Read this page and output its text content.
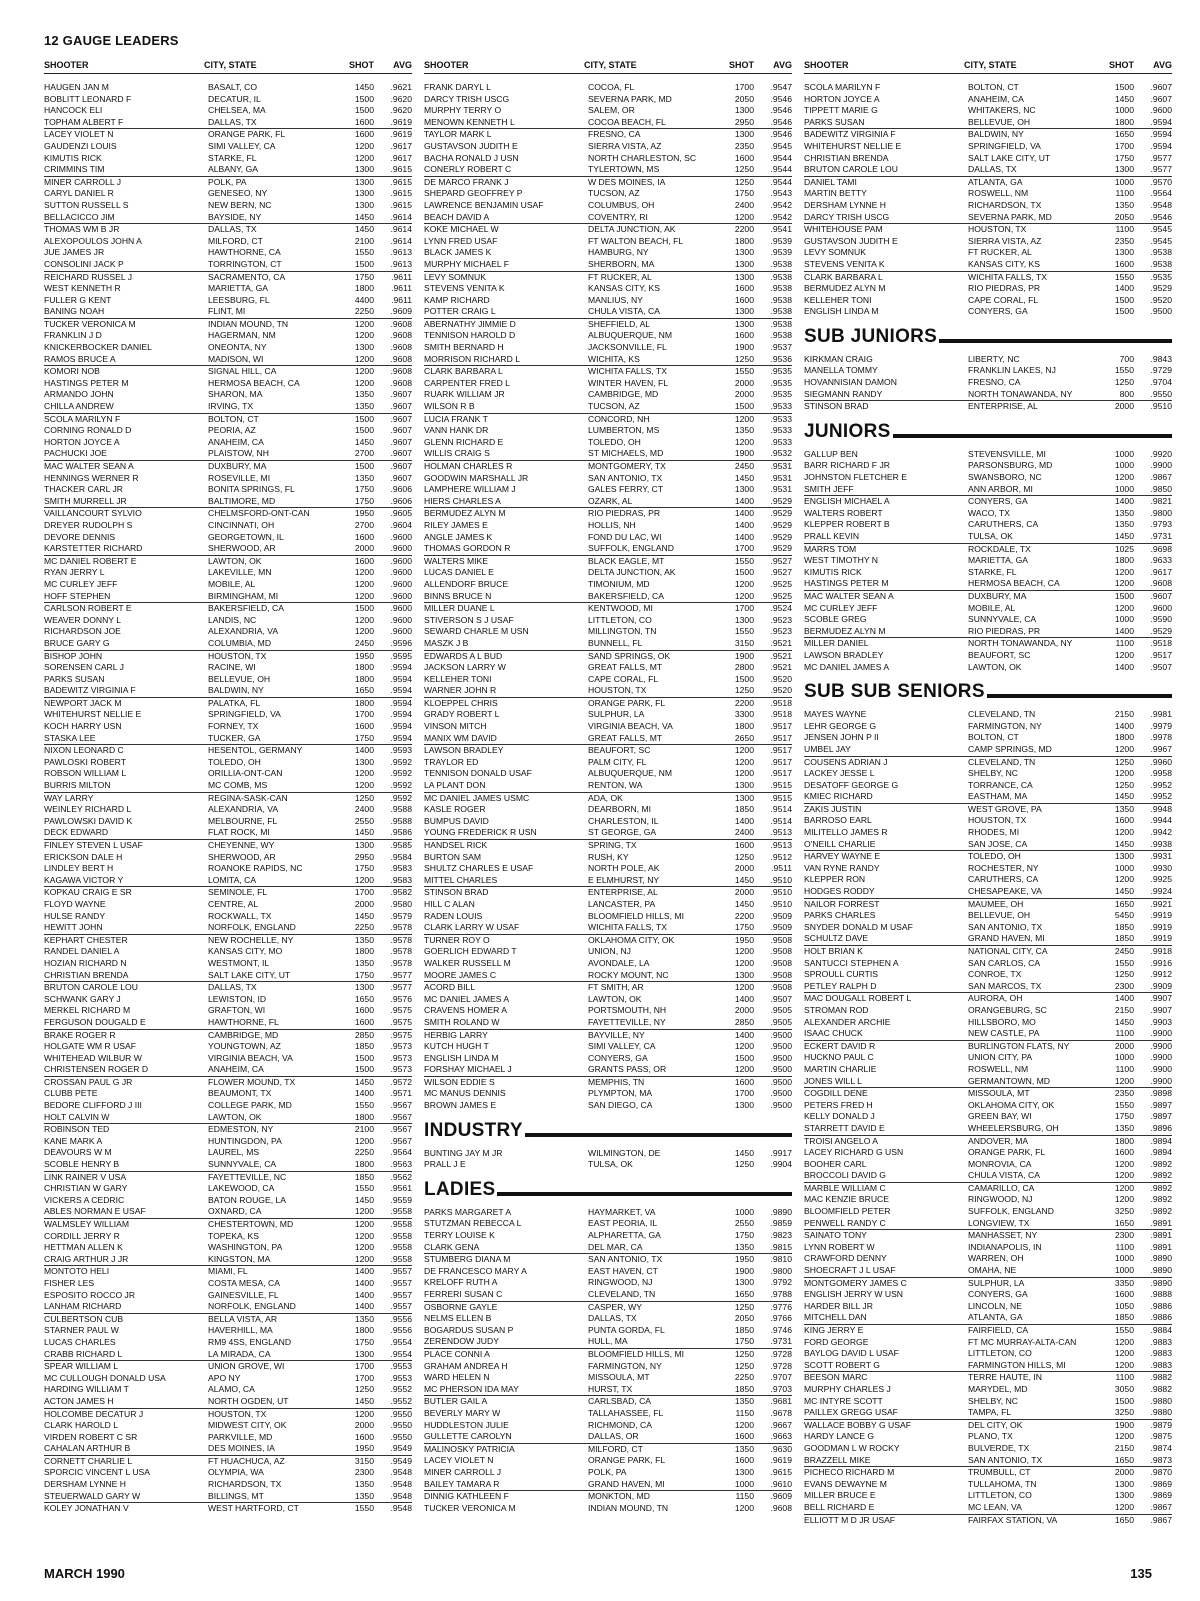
12 GAUGE LEADERS
SHOOTER	CITY, STATE	SHOT	AVG
HAUGEN JAN M	BASALT, CO	1450	.9621
BOBLITT LEONARD F	DECATUR, IL	1500	.9620
HANCOCK ELI	CHELSEA, MA	1500	.9620
TOPHAM ALBERT F	DALLAS, TX	1600	.9619
LACEY VIOLET N	ORANGE PARK, FL	1600	.9619
GAUDENZI LOUIS	SIMI VALLEY, CA	1200	.9617
KIMUTIS RICK	STARKE, FL	1200	.9617
CRIMMINS TIM	ALBANY, GA	1300	.9615
MINER CARROLL J	POLK, PA	1300	.9615
CARYL DANIEL R	GENESEO, NY	1300	.9615
SUTTON RUSSELL S	NEW BERN, NC	1300	.9615
BELLACICCO JIM	BAYSIDE, NY	1450	.9614
THOMAS WM B JR	DALLAS, TX	1450	.9614
ALEXOPOULOS JOHN A	MILFORD, CT	2100	.9614
JUE JAMES JR	HAWTHORNE, CA	1550	.9613
CONSOLINI JACK P	TORRINGTON, CT	1500	.9613
REICHARD RUSSEL J	SACRAMENTO, CA	1750	.9611
WEST KENNETH R	MARIETTA, GA	1800	.9611
FULLER G KENT	LEESBURG, FL	4400	.9611
BANING NOAH	FLINT, MI	2250	.9609
TUCKER VERONICA M	INDIAN MOUND, TN	1200	.9608
FRANKLIN J D	HAGERMAN, NM	1200	.9608
KNICKERBOCKER DANIEL	ONEONTA, NY	1300	.9608
RAMOS BRUCE A	MADISON, WI	1200	.9608
KOMORI NOB	SIGNAL HILL, CA	1200	.9608
HASTINGS PETER M	HERMOSA BEACH, CA	1200	.9608
ARMANDO JOHN	SHARON, MA	1350	.9607
CHILLA ANDREW	IRVING, TX	1350	.9607
SCOLA MARILYN F	BOLTON, CT	1500	.9607
CORNING RONALD D	PEORIA, AZ	1500	.9607
HORTON JOYCE A	ANAHEIM, CA	1450	.9607
PACHUCKI JOE	PLAISTOW, NH	2700	.9607
MAC WALTER SEAN A	DUXBURY, MA	1500	.9607
HENNINGS WERNER R	ROSEVILLE, MI	1350	.9607
THACKER CARL JR	BONITA SPRINGS, FL	1750	.9606
SMITH MURRELL JR	BALTIMORE, MD	1750	.9606
VAILLANCOURT SYLVIO	CHELMSFORD-ONT-CAN	1950	.9605
DREYER RUDOLPH S	CINCINNATI, OH	2700	.9604
DEVORE DENNIS	GEORGETOWN, IL	1600	.9600
KARSTETTER RICHARD	SHERWOOD, AR	2000	.9600
MC DANIEL ROBERT E	LAWTON, OK	1600	.9600
RYAN JERRY L	LAKEVILLE, MN	1200	.9600
MC CURLEY JEFF	MOBILE, AL	1200	.9600
HOFF STEPHEN	BIRMINGHAM, MI	1200	.9600
CARLSON ROBERT E	BAKERSFIELD, CA	1500	.9600
WEAVER DONNY L	LANDIS, NC	1200	.9600
RICHARDSON JOE	ALEXANDRIA, VA	1200	.9600
BRUCE GARY G	COLUMBIA, MD	2450	.9596
BISHOP JOHN	HOUSTON, TX	1950	.9595
SORENSEN CARL J	RACINE, WI	1800	.9594
PARKS SUSAN	BELLEVUE, OH	1800	.9594
BADEWITZ VIRGINIA F	BALDWIN, NY	1650	.9594
NEWPORT JACK M	PALATKA, FL	1800	.9594
WHITEHURST NELLIE E	SPRINGFIELD, VA	1700	.9594
KOCH HARRY USN	FORNEY, TX	1600	.9594
STASKA LEE	TUCKER, GA	1750	.9594
NIXON LEONARD C	HESENTOL, GERMANY	1400	.9593
PAWLOSKI ROBERT	TOLEDO, OH	1300	.9592
ROBSON WILLIAM L	ORILLIA-ONT-CAN	1200	.9592
BURRIS MILTON	MC COMB, MS	1200	.9592
WAY LARRY	REGINA-SASK-CAN	1250	.9592
WEINLEY RICHARD L	ALEXANDRIA, VA	2400	.9588
PAWLOWSKI DAVID K	MELBOURNE, FL	2550	.9588
DECK EDWARD	FLAT ROCK, MI	1450	.9586
FINLEY STEVEN L USAF	CHEYENNE, WY	1300	.9585
ERICKSON DALE H	SHERWOOD, AR	2950	.9584
LINDLEY BERT H	ROANOKE RAPIDS, NC	1750	.9583
KAGAWA VICTOR Y	LOMITA, CA	1200	.9583
KOPKAU CRAIG E SR	SEMINOLE, FL	1700	.9582
FLOYD WAYNE	CENTRE, AL	2000	.9580
HULSE RANDY	ROCKWALL, TX	1450	.9579
HEWITT JOHN	NORFOLK, ENGLAND	2250	.9578
KEPHART CHESTER	NEW ROCHELLE, NY	1350	.9578
RANDEL DANIEL A	KANSAS CITY, MO	1800	.9578
HOZIAN RICHARD N	WESTMONT, IL	1350	.9578
CHRISTIAN BRENDA	SALT LAKE CITY, UT	1750	.9577
BRUTON CAROLE LOU	DALLAS, TX	1300	.9577
SCHWANK GARY J	LEWISTON, ID	1650	.9576
MERKEL RICHARD M	GRAFTON, WI	1600	.9575
FERGUSON DOUGALD E	HAWTHORNE, FL	1600	.9575
BRAKE ROGER R	CAMBRIDGE, MD	2850	.9575
HOLGATE WM R USAF	YOUNGTOWN, AZ	1850	.9573
WHITEHEAD WILBUR W	VIRGINIA BEACH, VA	1500	.9573
CHRISTENSEN ROGER D	ANAHEIM, CA	1500	.9573
CROSSAN PAUL G JR	FLOWER MOUND, TX	1450	.9572
CLUBB PETE	BEAUMONT, TX	1400	.9571
BEDORE CLIFFORD J III	COLLEGE PARK, MD	1550	.9567
HOLT CALVIN W	LAWTON, OK	1800	.9567
ROBINSON TED	EDMESTON, NY	2100	.9567
KANE MARK A	HUNTINGDON, PA	1200	.9567
DEAVOURS W M	LAUREL, MS	2250	.9564
SCOBLE HENRY B	SUNNYVALE, CA	1800	.9563
LINK RAINER V USA	FAYETTEVILLE, NC	1850	.9562
CHRISTIAN W GARY	LAKEWOOD, CA	1550	.9561
VICKERS A CEDRIC	BATON ROUGE, LA	1450	.9559
ABLES NORMAN E USAF	OXNARD, CA	1200	.9558
WALMSLEY WILLIAM	CHESTERTOWN, MD	1200	.9558
CORDILL JERRY R	TOPEKA, KS	1200	.9558
HETTMAN ALLEN K	WASHINGTON, PA	1200	.9558
CRAIG ARTHUR J JR	KINGSTON, MA	1200	.9558
MONTOTO HELI	MIAMI, FL	1400	.9557
FISHER LES	COSTA MESA, CA	1400	.9557
ESPOSITO ROCCO JR	GAINESVILLE, FL	1400	.9557
LANHAM RICHARD	NORFOLK, ENGLAND	1400	.9557
CULBERTSON CUB	BELLA VISTA, AR	1350	.9556
STARNER PAUL W	HAVERHILL, MA	1800	.9556
LUCAS CHARLES	RM9 4SS, ENGLAND	1750	.9554
CRABB RICHARD L	LA MIRADA, CA	1300	.9554
SPEAR WILLIAM L	UNION GROVE, WI	1700	.9553
MC CULLOUGH DONALD USA	APO NY	1700	.9553
HARDING WILLIAM T	ALAMO, CA	1250	.9552
ACTON JAMES H	NORTH OGDEN, UT	1450	.9552
HOLCOMBE DECATUR J	HOUSTON, TX	1200	.9550
CLARK HAROLD L	MIDWEST CITY, OK	2000	.9550
VIRDEN ROBERT C SR	PARKVILLE, MD	1600	.9550
CAHALAN ARTHUR B	DES MOINES, IA	1950	.9549
CORNETT CHARLIE L	FT HUACHUCA, AZ	3150	.9549
SPORCIC VINCENT L USA	OLYMPIA, WA	2300	.9548
DERSHAM LYNNE H	RICHARDSON, TX	1350	.9548
STEUERWALD GARY W	BILLINGS, MT	1350	.9548
KOLEY JONATHAN V	WEST HARTFORD, CT	1550	.9548
SHOOTER	CITY, STATE	SHOT	AVG
FRANK DARYL L	COCOA, FL	1700	.9547
DARCY TRISH USCG	SEVERNA PARK, MD	2050	.9546
MURPHY TERRY O	SALEM, OR	1300	.9546
MENOWN KENNETH L	COCOA BEACH, FL	2950	.9546
TAYLOR MARK L	FRESNO, CA	1300	.9546
GUSTAVSON JUDITH E	SIERRA VISTA, AZ	2350	.9545
BACHA RONALD J USN	NORTH CHARLESTON, SC	1600	.9544
CONERLY ROBERT C	TYLERTOWN, MS	1250	.9544
DE MARCO FRANK J	W DES MOINES, IA	1250	.9544
SHEPARD GEOFFREY P	TUCSON, AZ	1750	.9543
LAWRENCE BENJAMIN USAF	COLUMBUS, OH	2400	.9542
BEACH DAVID A	COVENTRY, RI	1200	.9542
KOKE MICHAEL W	DELTA JUNCTION, AK	2200	.9541
LYNN FRED USAF	FT WALTON BEACH, FL	1800	.9539
BLACK JAMES K	HAMBURG, NY	1300	.9539
MURPHY MICHAEL F	SHERBORN, MA	1300	.9538
LEVY SOMNUK	FT RUCKER, AL	1300	.9538
STEVENS VENITA K	KANSAS CITY, KS	1600	.9538
KAMP RICHARD	MANLIUS, NY	1600	.9538
POTTER CRAIG L	CHULA VISTA, CA	1300	.9538
ABERNATHY JIMMIE D	SHEFFIELD, AL	1300	.9538
TENNISON HAROLD D	ALBUQUERQUE, NM	1600	.9538
SMITH BERNARD H	JACKSONVILLE, FL	1900	.9537
MORRISON RICHARD L	WICHITA, KS	1250	.9536
CLARK BARBARA L	WICHITA FALLS, TX	1550	.9535
CARPENTER FRED L	WINTER HAVEN, FL	2000	.9535
RUARK WILLIAM JR	CAMBRIDGE, MD	2000	.9535
WILSON R B	TUCSON, AZ	1500	.9533
LUCIA FRANK T	CONCORD, NH	1200	.9533
VANN HANK DR	LUMBERTON, MS	1350	.9533
GLENN RICHARD E	TOLEDO, OH	1200	.9533
WILLIS CRAIG S	ST MICHAELS, MD	1900	.9532
HOLMAN CHARLES R	MONTGOMERY, TX	2450	.9531
GOODWIN MARSHALL JR	SAN ANTONIO, TX	1450	.9531
LAMPHERE WILLIAM J	GALES FERRY, CT	1300	.9531
HIERS CHARLES A	OZARK, AL	1400	.9529
BERMUDEZ ALYN M	RIO PIEDRAS, PR	1400	.9529
RILEY JAMES E	HOLLIS, NH	1400	.9529
ANGLE JAMES K	FOND DU LAC, WI	1400	.9529
THOMAS GORDON R	SUFFOLK, ENGLAND	1700	.9529
WALTERS MIKE	BLACK EAGLE, MT	1550	.9527
LUCAS DANIEL E	DELTA JUNCTION, AK	1500	.9527
ALLENDORF BRUCE	TIMONIUM, MD	1200	.9525
BINNS BRUCE N	BAKERSFIELD, CA	1200	.9525
MILLER DUANE L	KENTWOOD, MI	1700	.9524
STIVERSON S J USAF	LITTLETON, CO	1300	.9523
SEWARD CHARLE M USN	MILLINGTON, TN	1550	.9523
MASZK J B	BUNNELL, FL	3150	.9521
EDWARDS A L BUD	SAND SPRINGS, OK	1900	.9521
JACKSON LARRY W	GREAT FALLS, MT	2800	.9521
KELLEHER TONI	CAPE CORAL, FL	1500	.9520
WARNER JOHN R	HOUSTON, TX	1250	.9520
KLOEPPEL CHRIS	ORANGE PARK, FL	2200	.9518
GRADY ROBERT L	SULPHUR, LA	3300	.9518
VINSON MITCH	VIRGINIA BEACH, VA	1800	.9517
MANIX WM DAVID	GREAT FALLS, MT	2650	.9517
LAWSON BRADLEY	BEAUFORT, SC	1200	.9517
TRAYLOR ED	PALM CITY, FL	1200	.9517
TENNISON DONALD USAF	ALBUQUERQUE, NM	1200	.9517
LA PLANT DON	RENTON, WA	1300	.9515
MC DANIEL JAMES USMC	ADA, OK	1300	.9515
KASLE ROGER	DEARBORN, MI	1850	.9514
BUMPUS DAVID	CHARLESTON, IL	1400	.9514
YOUNG FREDERICK R USN	ST GEORGE, GA	2400	.9513
HANDSEL RICK	SPRING, TX	1600	.9513
BURTON SAM	RUSH, KY	1250	.9512
SHULTZ CHARLES E USAF	NORTH POLE, AK	2000	.9511
MITTEL CHARLES	E ELMHURST, NY	1450	.9510
STINSON BRAD	ENTERPRISE, AL	2000	.9510
HILL C ALAN	LANCASTER, PA	1450	.9510
RADEN LOUIS	BLOOMFIELD HILLS, MI	2200	.9509
CLARK LARRY W USAF	WICHITA FALLS, TX	1750	.9509
TURNER ROY O	OKLAHOMA CITY, OK	1950	.9508
GOERLICH EDWARD T	UNION, NJ	1200	.9508
WALKER RUSSELL M	AVONDALE, LA	1200	.9508
MOORE JAMES C	ROCKY MOUNT, NC	1300	.9508
ACORD BILL	FT SMITH, AR	1200	.9508
MC DANIEL JAMES A	LAWTON, OK	1400	.9507
CRAVENS HOMER A	PORTSMOUTH, NH	2000	.9505
SMITH ROLAND W	FAYETTEVILLE, NY	2850	.9505
HERBIG LARRY	BAYVILLE, NY	1400	.9500
KUTCH HUGH T	SIMI VALLEY, CA	1200	.9500
ENGLISH LINDA M	CONYERS, GA	1500	.9500
FORSHAY MICHAEL J	GRANTS PASS, OR	1200	.9500
WILSON EDDIE S	MEMPHIS, TN	1600	.9500
MC MANUS DENNIS	PLYMPTON, MA	1700	.9500
BROWN JAMES E	SAN DIEGO, CA	1300	.9500
INDUSTRY
BUNTING JAY M JR	WILMINGTON, DE	1450	.9917
PRALL J E	TULSA, OK	1250	.9904
LADIES
PARKS MARGARET A	HAYMARKET, VA	1000	.9890
STUTZMAN REBECCA L	EAST PEORIA, IL	2550	.9859
TERRY LOUISE K	ALPHARETTA, GA	1750	.9823
CLARK GENA	DEL MAR, CA	1350	.9815
STUMBERG DIANA M	SAN ANTONIO, TX	1950	.9810
DE FRANCESCO MARY A	EAST HAVEN, CT	1900	.9800
KRELOFF RUTH A	RINGWOOD, NJ	1300	.9792
FERRERI SUSAN C	CLEVELAND, TN	1650	.9788
OSBORNE GAYLE	CASPER, WY	1250	.9776
NELMS ELLEN B	DALLAS, TX	2050	.9766
BOGARDUS SUSAN P	PUNTA GORDA, FL	1850	.9746
ZERENDOW JUDY	HULL, MA	1750	.9731
PLACE CONNI A	BLOOMFIELD HILLS, MI	1250	.9728
GRAHAM ANDREA H	FARMINGTON, NY	1250	.9728
WARD HELEN N	MISSOULA, MT	2250	.9707
MC PHERSON IDA MAY	HURST, TX	1850	.9703
BUTLER GAIL A	CARLSBAD, CA	1350	.9681
BEVERLY MARY W	TALLAHASSEE, FL	1150	.9678
HUDDLESTON JULIE	RICHMOND, CA	1200	.9667
GULLETTE CAROLYN	DALLAS, OR	1600	.9663
MALINOSKY PATRICIA	MILFORD, CT	1350	.9630
LACEY VIOLET N	ORANGE PARK, FL	1600	.9619
MINER CARROLL J	POLK, PA	1300	.9615
BAILEY TAMARA R	GRAND HAVEN, MI	1000	.9610
DINNIG KATHLEEN F	MONKTON, MD	1150	.9609
TUCKER VERONICA M	INDIAN MOUND, TN	1200	.9608
SHOOTER	CITY, STATE	SHOT	AVG
SCOLA MARILYN F	BOLTON, CT	1500	.9607
HORTON JOYCE A	ANAHEIM, CA	1450	.9607
TIPPETT MARIE G	WHITAKERS, NC	1000	.9600
PARKS SUSAN	BELLEVUE, OH	1800	.9594
BADEWITZ VIRGINIA F	BALDWIN, NY	1650	.9594
WHITEHURST NELLIE E	SPRINGFIELD, VA	1700	.9594
CHRISTIAN BRENDA	SALT LAKE CITY, UT	1750	.9577
BRUTON CAROLE LOU	DALLAS, TX	1300	.9577
DANIEL TAMI	ATLANTA, GA	1000	.9570
MARTIN BETTY	ROSWELL, NM	1100	.9564
DERSHAM LYNNE H	RICHARDSON, TX	1350	.9548
DARCY TRISH USCG	SEVERNA PARK, MD	2050	.9546
WHITEHOUSE PAM	HOUSTON, TX	1100	.9545
GUSTAVSON JUDITH E	SIERRA VISTA, AZ	2350	.9545
LEVY SOMNUK	FT RUCKER, AL	1300	.9538
STEVENS VENITA K	KANSAS CITY, KS	1600	.9538
CLARK BARBARA L	WICHITA FALLS, TX	1550	.9535
BERMUDEZ ALYN M	RIO PIEDRAS, PR	1400	.9529
KELLEHER TONI	CAPE CORAL, FL	1500	.9520
ENGLISH LINDA M	CONYERS, GA	1500	.9500
SUB JUNIORS
KIRKMAN CRAIG	LIBERTY, NC	700	.9843
MANELLA TOMMY	FRANKLIN LAKES, NJ	1550	.9729
HOVANNISIAN DAMON	FRESNO, CA	1250	.9704
SIEGMANN RANDY	NORTH TONAWANDA, NY	800	.9550
STINSON BRAD	ENTERPRISE, AL	2000	.9510
JUNIORS
GALLUP BEN	STEVENSVILLE, MI	1000	.9920
BARR RICHARD F JR	PARSONSBURG, MD	1000	.9900
JOHNSTON FLETCHER E	SWANSBORO, NC	1200	.9867
SMITH JEFF	ANN ARBOR, MI	1000	.9850
ENGLISH MICHAEL A	CONYERS, GA	1400	.9821
WALTERS ROBERT	WACO, TX	1350	.9800
KLEPPER ROBERT B	CARUTHERS, CA	1350	.9793
PRALL KEVIN	TULSA, OK	1450	.9731
MARRS TOM	ROCKDALE, TX	1025	.9698
WEST TIMOTHY N	MARIETTA, GA	1800	.9633
KIMUTIS RICK	STARKE, FL	1200	.9617
HASTINGS PETER M	HERMOSA BEACH, CA	1200	.9608
MAC WALTER SEAN A	DUXBURY, MA	1500	.9607
MC CURLEY JEFF	MOBILE, AL	1200	.9600
SCOBLE GREG	SUNNYVALE, CA	1000	.9590
BERMUDEZ ALYN M	RIO PIEDRAS, PR	1400	.9529
MILLER DANIEL	NORTH TONAWANDA, NY	1100	.9518
LAWSON BRADLEY	BEAUFORT, SC	1200	.9517
MC DANIEL JAMES A	LAWTON, OK	1400	.9507
SUB SUB SENIORS
MAYES WAYNE	CLEVELAND, TN	2150	.9981
LEHR GEORGE G	FARMINGTON, NY	1400	.9979
JENSEN JOHN P II	BOLTON, CT	1800	.9978
UMBEL JAY	CAMP SPRINGS, MD	1200	.9967
COUSENS ADRIAN J	CLEVELAND, TN	1250	.9960
LACKEY JESSE L	SHELBY, NC	1200	.9958
DESATOFF GEORGE G	TORRANCE, CA	1250	.9952
KMIEC RICHARD	EASTHAM, MA	1450	.9952
ZAKIS JUSTIN	WEST GROVE, PA	1350	.9948
BARROSO EARL	HOUSTON, TX	1600	.9944
MILITELLO JAMES R	RHODES, MI	1200	.9942
O'NEILL CHARLIE	SAN JOSE, CA	1450	.9938
HARVEY WAYNE E	TOLEDO, OH	1300	.9931
VAN RYNE RANDY	ROCHESTER, NY	1000	.9930
KLEPPER RON	CARUTHERS, CA	1200	.9925
HODGES RODDY	CHESAPEAKE, VA	1450	.9924
NAILOR FORREST	MAUMEE, OH	1650	.9921
PARKS CHARLES	BELLEVUE, OH	5450	.9919
SNYDER DONALD M USAF	SAN ANTONIO, TX	1850	.9919
SCHULTZ DAVE	GRAND HAVEN, MI	1850	.9919
HOLT BRIAN K	NATIONAL CITY, CA	2450	.9918
SANTUCCI STEPHEN A	SAN CARLOS, CA	1550	.9916
SPROULL CURTIS	CONROE, TX	1250	.9912
PETLEY RALPH D	SAN MARCOS, TX	2300	.9909
MAC DOUGALL ROBERT L	AURORA, OH	1400	.9907
STROMAN ROD	ORANGEBURG, SC	2150	.9907
ALEXANDER ARCHIE	HILLSBORO, MO	1450	.9903
ISAAC CHUCK	NEW CASTLE, PA	1100	.9900
ECKERT DAVID R	BURLINGTON FLATS, NY	2000	.9900
HUCKNO PAUL C	UNION CITY, PA	1000	.9900
MARTIN CHARLIE	ROSWELL, NM	1100	.9900
JONES WILL L	GERMANTOWN, MD	1200	.9900
COGDILL DENE	MISSOULA, MT	2350	.9898
PETERS FRED H	OKLAHOMA CITY, OK	1550	.9897
KELLY DONALD J	GREEN BAY, WI	1750	.9897
STARRETT DAVID E	WHEELERSBURG, OH	1350	.9896
TROISI ANGELO A	ANDOVER, MA	1800	.9894
LACEY RICHARD G USN	ORANGE PARK, FL	1600	.9894
BOOHER CARL	MONROVIA, CA	1200	.9892
BROCCOLI DAVID G	CHULA VISTA, CA	1200	.9892
MARBLE WILLIAM C	CAMARILLO, CA	1200	.9892
MAC KENZIE BRUCE	RINGWOOD, NJ	1200	.9892
BLOOMFIELD PETER	SUFFOLK, ENGLAND	3250	.9892
PENWELL RANDY C	LONGVIEW, TX	1650	.9891
SAINATO TONY	MANHASSET, NY	2300	.9891
LYNN ROBERT W	INDIANAPOLIS, IN	1100	.9891
CRAWFORD DENNY	WARREN, OH	1000	.9890
SHOECRAFT J L USAF	OMAHA, NE	1000	.9890
MONTGOMERY JAMES C	SULPHUR, LA	3350	.9890
ENGLISH JERRY W USN	CONYERS, GA	1600	.9888
HARDER BILL JR	LINCOLN, NE	1050	.9886
MITCHELL DAN	ATLANTA, GA	1850	.9886
KING JERRY E	FAIRFIELD, CA	1550	.9884
FORD GEORGE	FT MC MURRAY-ALTA-CAN	1200	.9883
BAYLOG DAVID L USAF	LITTLETON, CO	1200	.9883
SCOTT ROBERT G	FARMINGTON HILLS, MI	1200	.9883
BEESON MARC	TERRE HAUTE, IN	1100	.9882
MURPHY CHARLES J	MARYDEL, MD	3050	.9882
MC INTYRE SCOTT	SHELBY, NC	1500	.9880
PAILLEX GREGG USAF	TAMPA, FL	3250	.9880
WALLACE BOBBY G USAF	DEL CITY, OK	1900	.9879
HARDY LANCE G	PLANO, TX	1200	.9875
GOODMAN L W ROCKY	BULVERDE, TX	2150	.9874
BRAZZELL MIKE	SAN ANTONIO, TX	1650	.9873
PICHECO RICHARD M	TRUMBULL, CT	2000	.9870
EVANS DEWAYNE M	TULLAHOMA, TN	1300	.9869
MILLER BRUCE E	LITTLETON, CO	1300	.9869
BELL RICHARD E	MC LEAN, VA	1200	.9867
ELLIOTT M D JR USAF	FAIRFAX STATION, VA	1650	.9867
MARCH 1990	135
